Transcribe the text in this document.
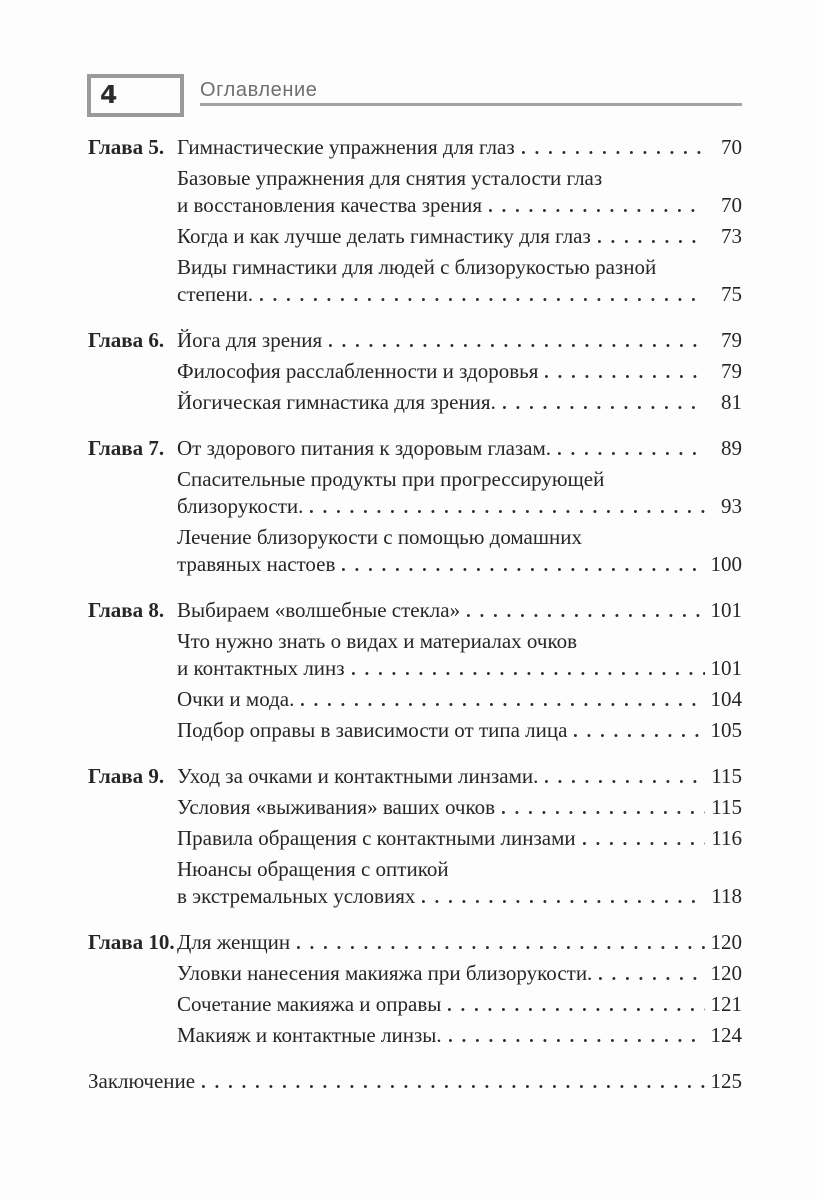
4	Оглавление
Глава 5. Гимнастические упражнения для глаз	70
Базовые упражнения для снятия усталости глаз
и восстановления качества зрения	70
Когда и как лучше делать гимнастику для глаз	73
Виды гимнастики для людей с близорукостью разной
степени.	75
Глава 6. Йога для зрения	79
Философия расслабленности и здоровья	79
Йогическая гимнастика для зрения.	81
Глава 7. От здорового питания к здоровым глазам.	89
Спасительные продукты при прогрессирующей
близорукости.	93
Лечение близорукости с помощью домашних
травяных настоев	100
Глава 8. Выбираем «волшебные стекла»	101
Что нужно знать о видах и материалах очков
и контактных линз	101
Очки и мода.	104
Подбор оправы в зависимости от типа лица	105
Глава 9. Уход за очками и контактными линзами.	115
Условия «выживания» ваших очков	115
Правила обращения с контактными линзами	116
Нюансы обращения с оптикой
в экстремальных условиях	118
Глава 10. Для женщин	120
Уловки нанесения макияжа при близорукости.	120
Сочетание макияжа и оправы	121
Макияж и контактные линзы.	124
Заключение	125
